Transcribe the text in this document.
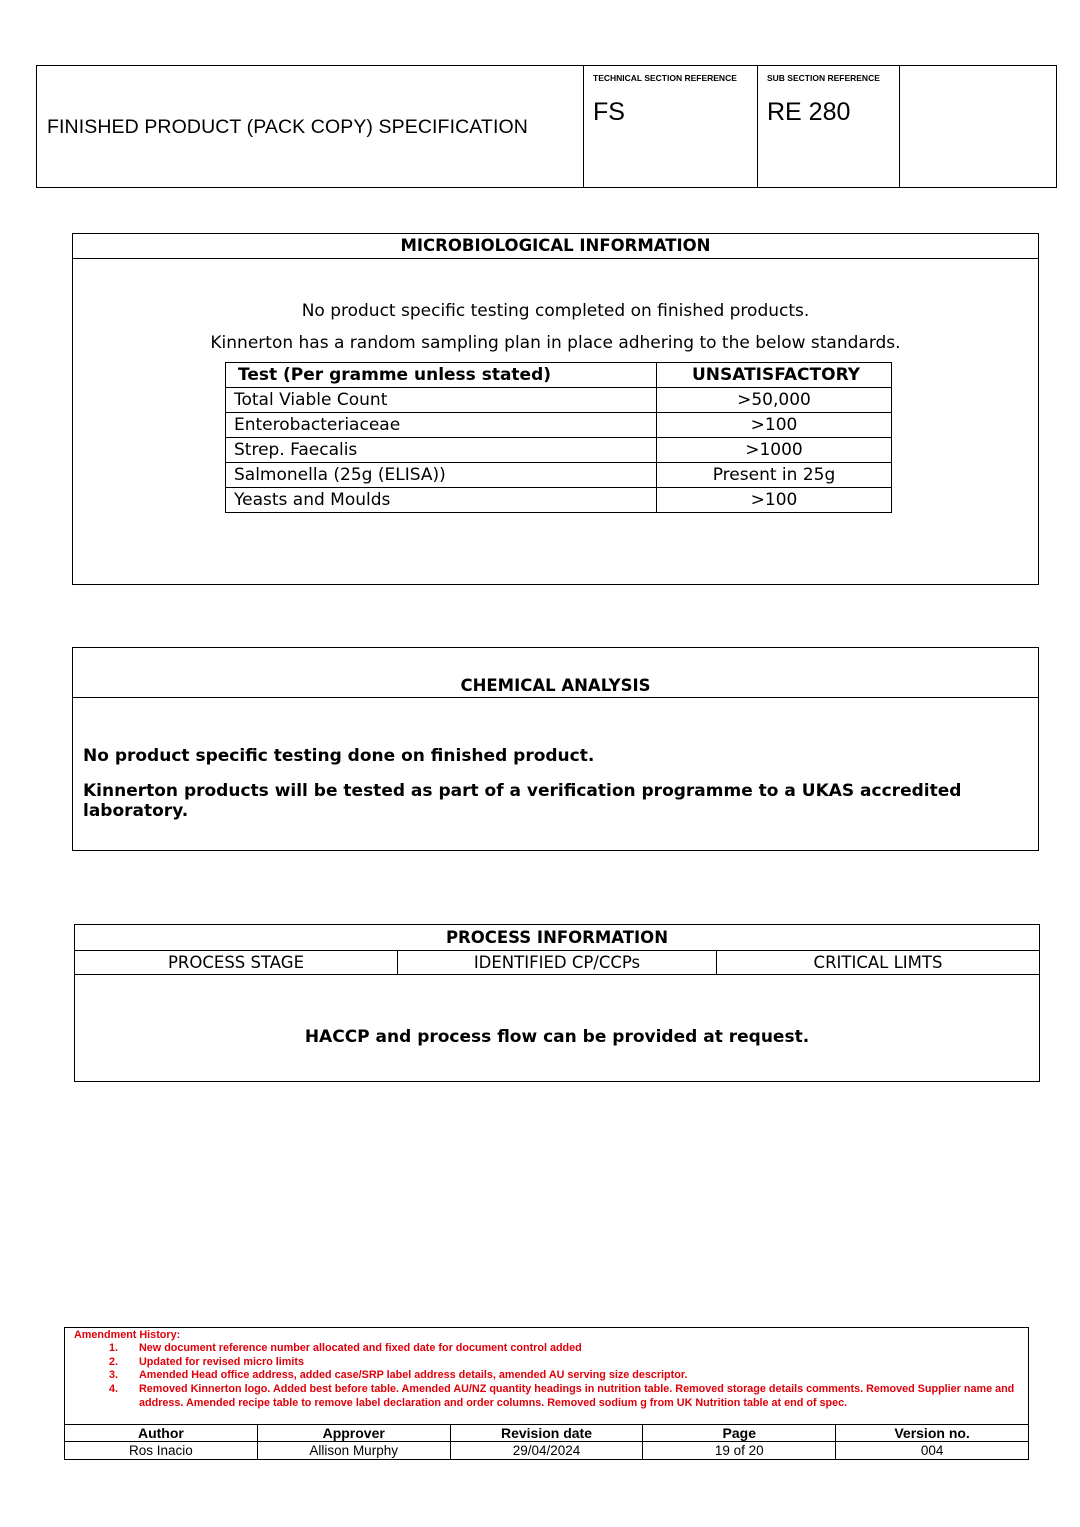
FINISHED PRODUCT (PACK COPY) SPECIFICATION
TECHNICAL SECTION REFERENCE
FS
SUB SECTION REFERENCE
RE 280
MICROBIOLOGICAL INFORMATION
No product specific testing completed on finished products.
Kinnerton has a random sampling plan in place adhering to the below standards.
Test (Per gramme unless stated)	UNSATISFACTORY
Total Viable Count	>50,000
Enterobacteriaceae	>100
Strep. Faecalis	>1000
Salmonella (25g (ELISA))	Present in 25g
Yeasts and Moulds	>100
CHEMICAL ANALYSIS
No product specific testing done on finished product.
Kinnerton products will be tested as part of a verification programme to a UKAS accredited laboratory.
PROCESS INFORMATION
PROCESS STAGE	IDENTIFIED CP/CCPs	CRITICAL LIMTS
HACCP and process flow can be provided at request.
Amendment History:
1. New document reference number allocated and fixed date for document control added
2. Updated for revised micro limits
3. Amended Head office address, added case/SRP label address details, amended AU serving size descriptor.
4. Removed Kinnerton logo. Added best before table. Amended AU/NZ quantity headings in nutrition table. Removed storage details comments. Removed Supplier name and address. Amended recipe table to remove label declaration and order columns. Removed sodium g from UK Nutrition table at end of spec.
Author	Approver	Revision date	Page	Version no.
Ros Inacio	Allison Murphy	29/04/2024	19 of 20	004
